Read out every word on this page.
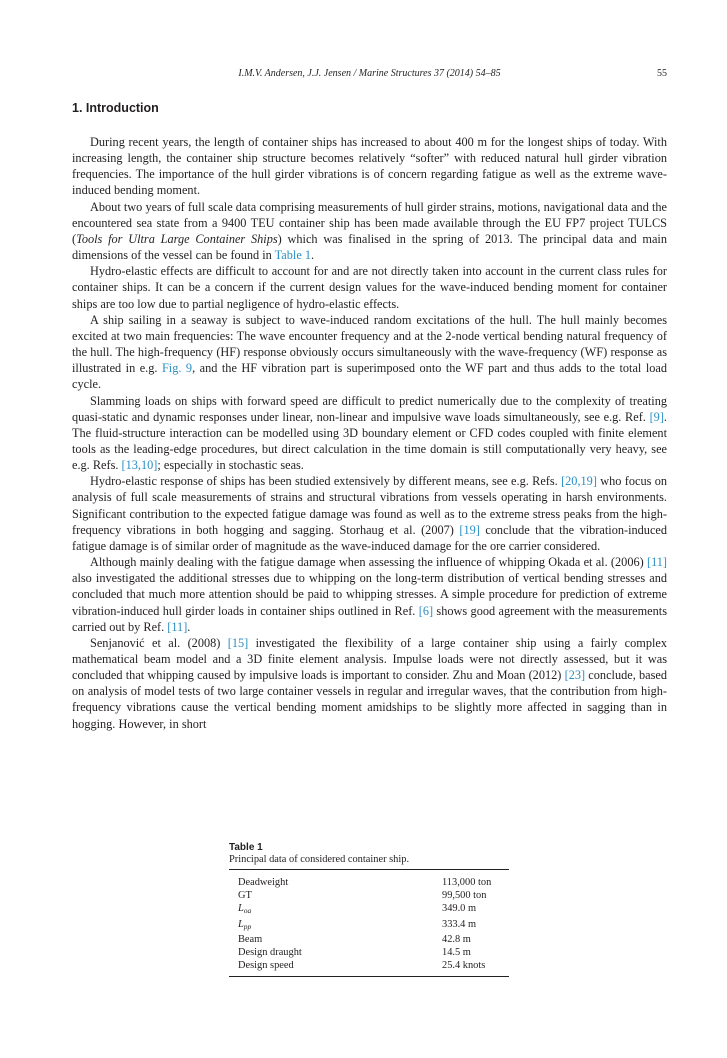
I.M.V. Andersen, J.J. Jensen / Marine Structures 37 (2014) 54–85	55
1. Introduction

During recent years, the length of container ships has increased to about 400 m for the longest ships of today. With increasing length, the container ship structure becomes relatively “softer” with reduced natural hull girder vibration frequencies. The importance of the hull girder vibrations is of concern regarding fatigue as well as the extreme wave-induced bending moment.

About two years of full scale data comprising measurements of hull girder strains, motions, navigational data and the encountered sea state from a 9400 TEU container ship has been made available through the EU FP7 project TULCS (Tools for Ultra Large Container Ships) which was finalised in the spring of 2013. The principal data and main dimensions of the vessel can be found in Table 1.

Hydro-elastic effects are difficult to account for and are not directly taken into account in the current class rules for container ships. It can be a concern if the current design values for the wave-induced bending moment for container ships are too low due to partial negligence of hydro-elastic effects.

A ship sailing in a seaway is subject to wave-induced random excitations of the hull. The hull mainly becomes excited at two main frequencies: The wave encounter frequency and at the 2-node vertical bending natural frequency of the hull. The high-frequency (HF) response obviously occurs simultaneously with the wave-frequency (WF) response as illustrated in e.g. Fig. 9, and the HF vibration part is superimposed onto the WF part and thus adds to the total load cycle.

Slamming loads on ships with forward speed are difficult to predict numerically due to the complexity of treating quasi-static and dynamic responses under linear, non-linear and impulsive wave loads simultaneously, see e.g. Ref. [9]. The fluid-structure interaction can be modelled using 3D boundary element or CFD codes coupled with finite element tools as the leading-edge procedures, but direct calculation in the time domain is still computationally very heavy, see e.g. Refs. [13,10]; especially in stochastic seas.

Hydro-elastic response of ships has been studied extensively by different means, see e.g. Refs. [20,19] who focus on analysis of full scale measurements of strains and structural vibrations from vessels operating in harsh environments. Significant contribution to the expected fatigue damage was found as well as to the extreme stress peaks from the high-frequency vibrations in both hogging and sagging. Storhaug et al. (2007) [19] conclude that the vibration-induced fatigue damage is of similar order of magnitude as the wave-induced damage for the ore carrier considered.

Although mainly dealing with the fatigue damage when assessing the influence of whipping Okada et al. (2006) [11] also investigated the additional stresses due to whipping on the long-term distribution of vertical bending stresses and concluded that much more attention should be paid to whipping stresses. A simple procedure for prediction of extreme vibration-induced hull girder loads in container ships outlined in Ref. [6] shows good agreement with the measurements carried out by Ref. [11].

Senjanović et al. (2008) [15] investigated the flexibility of a large container ship using a fairly complex mathematical beam model and a 3D finite element analysis. Impulse loads were not directly assessed, but it was concluded that whipping caused by impulsive loads is important to consider. Zhu and Moan (2012) [23] conclude, based on analysis of model tests of two large container vessels in regular and irregular waves, that the contribution from high-frequency vibrations cause the vertical bending moment amidships to be slightly more affected in sagging than in hogging. However, in short

Table 1
Principal data of considered container ship.
Deadweight	113,000 ton
GT	99,500 ton
$L_{oa}$	349.0 m
$L_{pp}$	333.4 m
Beam	42.8 m
Design draught	14.5 m
Design speed	25.4 knots
